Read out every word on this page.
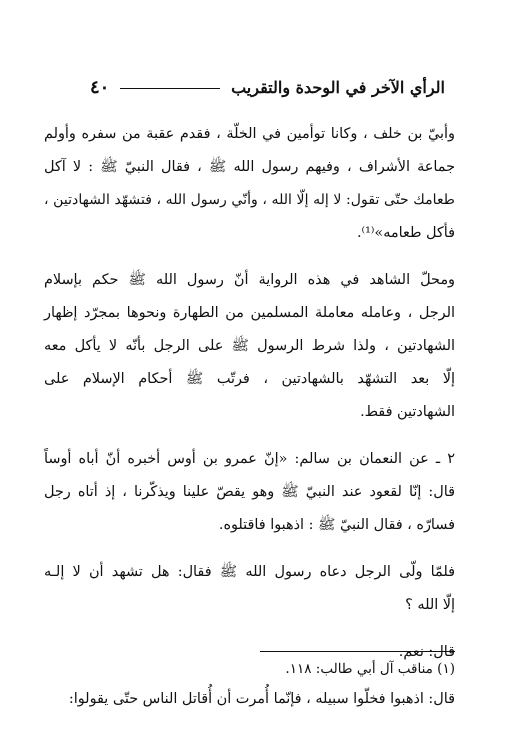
٤٠	الرأي الآخر في الوحدة والتقريب
وأبيّ بن خلف ، وكانا توأمين في الخلّة ، فقدم عقبة من سفره وأولم
جماعة الأشراف ، وفيهم رسول الله ﷺ ، فقال النبيّ ﷺ : لا آكل
طعامك حتّى تقول: لا إله إلّا الله ، وأنّي رسول الله ، فتشهّد الشهادتين ،
فأكل طعامه»⁽¹⁾.
ومحلّ الشاهد في هذه الرواية أنّ رسول الله ﷺ حكم بإسلام
الرجل ، وعامله معاملة المسلمين من الطهارة ونحوها بمجرّد إظهار
الشهادتين ، ولذا شرط الرسول ﷺ على الرجل بأنّه لا يأكل معه
إلّا بعد التشهّد بالشهادتين ، فرتّب ﷺ أحكام الإسلام على
الشهادتين فقط.
٢ ـ عن النعمان بن سالم: «إنّ عمرو بن أوس أخبره أنّ أباه أوساً
قال: إنّا لقعود عند النبيّ ﷺ وهو يقصّ علينا ويذكّرنا ، إذ أتاه رجل
فسارّه ، فقال النبيّ ﷺ : اذهبوا فاقتلوه.
فلمّا ولّى الرجل دعاه رسول الله ﷺ فقال: هل تشهد أن لا إلـه
إلّا الله ؟
قال: نعم.
قال: اذهبوا فخلّوا سبيله ، فإنّما أُمرت أن أُقاتل الناس حتّى يقولوا:
(١) مناقب آل أبي طالب: ١١٨.
